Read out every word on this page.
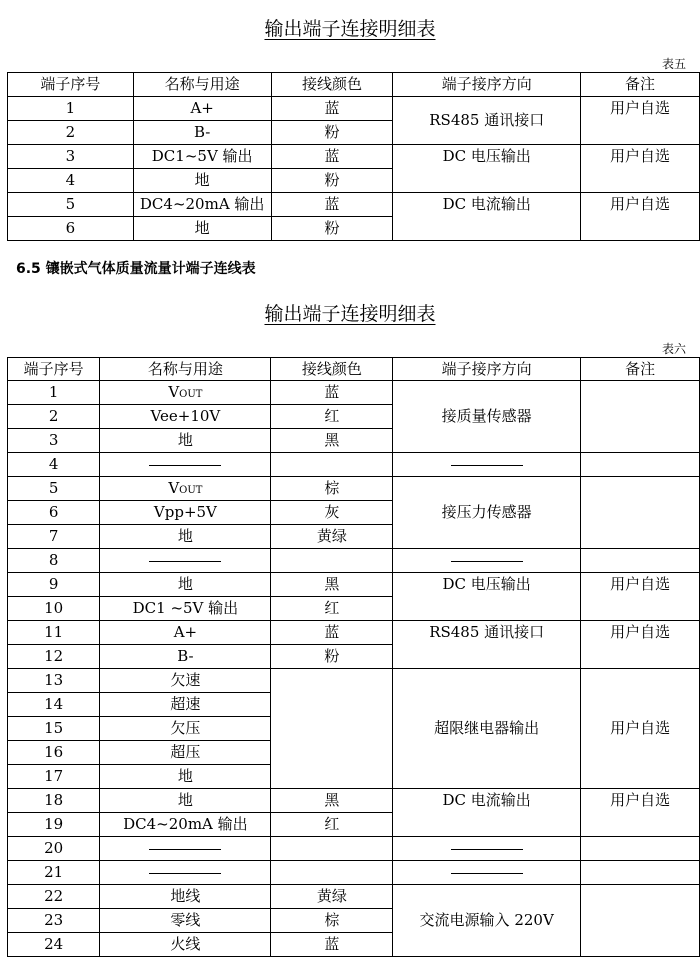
输出端子连接明细表
表五
端子序号	名称与用途	接线颜色	端子接序方向	备注
1	A+	蓝	RS485 通讯接口	用户自选
2	B-	粉		
3	DC1~5V 输出	蓝	DC 电压输出	用户自选
4	地	粉		
5	DC4~20mA 输出	蓝	DC 电流输出	用户自选
6	地	粉		
6.5 镶嵌式气体质量流量计端子连线表
输出端子连接明细表
表六
端子序号	名称与用途	接线颜色	端子接序方向	备注
1	VOUT	蓝	接质量传感器	
2	Vee+10V	红		
3	地	黑		
4				
5	VOUT	棕	接压力传感器	
6	Vpp+5V	灰		
7	地	黄绿		
8				
9	地	黑	DC 电压输出	用户自选
10	DC1 ~5V 输出	红		
11	A+	蓝	RS485 通讯接口	用户自选
12	B-	粉		
13	欠速		超限继电器输出	用户自选
14	超速			
15	欠压			
16	超压			
17	地			
18	地	黑	DC 电流输出	用户自选
19	DC4~20mA 输出	红		
20				
21				
22	地线	黄绿	交流电源输入 220V	
23	零线	棕		
24	火线	蓝		
